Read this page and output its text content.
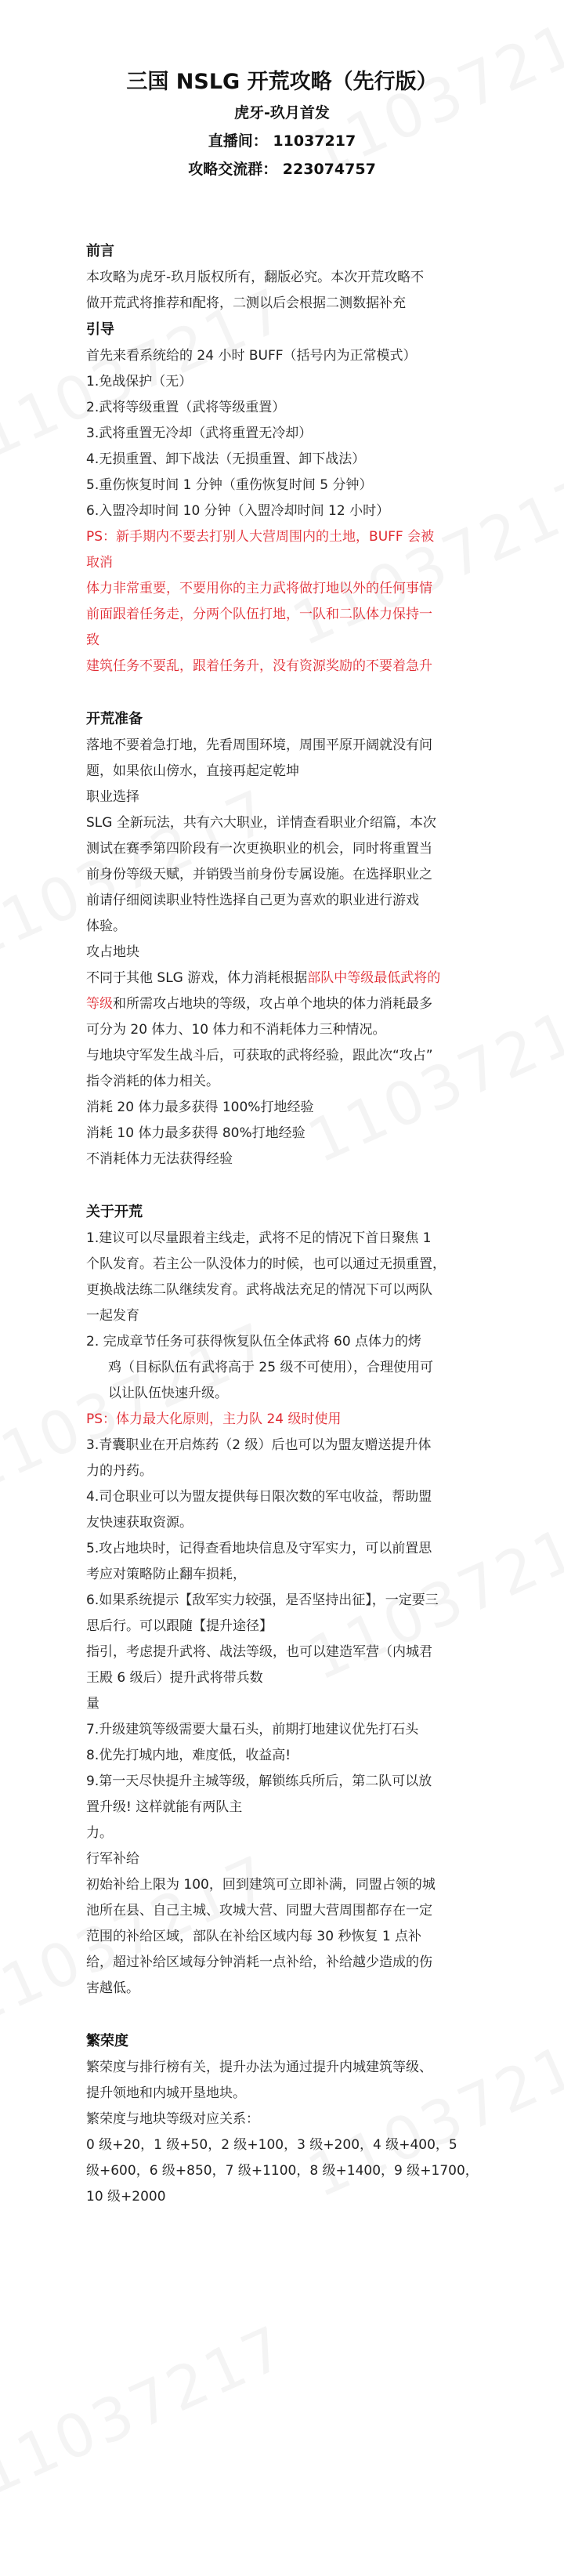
三国 NSLG 开荒攻略（先行版）
虎牙-玖月首发
直播间： 11037217
攻略交流群： 223074757
前言

本攻略为虎牙-玖月版权所有，翻版必究。本次开荒攻略不

做开荒武将推荐和配将，二测以后会根据二测数据补充

引导

首先来看系统给的 24 小时 BUFF（括号内为正常模式）

1.免战保护（无）

2.武将等级重置（武将等级重置）

3.武将重置无冷却（武将重置无冷却）

4.无损重置、卸下战法（无损重置、卸下战法）

5.重伤恢复时间 1 分钟（重伤恢复时间 5 分钟）

6.入盟冷却时间 10 分钟（入盟冷却时间 12 小时）

PS：新手期内不要去打别人大营周围内的土地，BUFF 会被

取消

体力非常重要，不要用你的主力武将做打地以外的任何事情

前面跟着任务走，分两个队伍打地，一队和二队体力保持一

致

建筑任务不要乱，跟着任务升，没有资源奖励的不要着急升

开荒准备

落地不要着急打地，先看周围环境，周围平原开阔就没有问

题，如果依山傍水，直接再起定乾坤

职业选择

SLG 全新玩法，共有六大职业，详情查看职业介绍篇，本次

测试在赛季第四阶段有一次更换职业的机会，同时将重置当

前身份等级天赋，并销毁当前身份专属设施。在选择职业之

前请仔细阅读职业特性选择自己更为喜欢的职业进行游戏

体验。

攻占地块

不同于其他 SLG 游戏，体力消耗根据部队中等级最低武将的

等级和所需攻占地块的等级，攻占单个地块的体力消耗最多

可分为 20 体力、10 体力和不消耗体力三种情况。

与地块守军发生战斗后，可获取的武将经验，跟此次“攻占”

指令消耗的体力相关。

消耗 20 体力最多获得 100%打地经验

消耗 10 体力最多获得 80%打地经验

不消耗体力无法获得经验

关于开荒

1.建议可以尽量跟着主线走，武将不足的情况下首日聚焦 1

个队发育。若主公一队没体力的时候，也可以通过无损重置，

更换战法练二队继续发育。武将战法充足的情况下可以两队

一起发育

2. 完成章节任务可获得恢复队伍全体武将 60 点体力的烤

鸡（目标队伍有武将高于 25 级不可使用），合理使用可

以让队伍快速升级。

PS：体力最大化原则，主力队 24 级时使用

3.青囊职业在开启炼药（2 级）后也可以为盟友赠送提升体

力的丹药。

4.司仓职业可以为盟友提供每日限次数的军屯收益，帮助盟

友快速获取资源。

5.攻占地块时，记得查看地块信息及守军实力，可以前置思

考应对策略防止翻车损耗，

6.如果系统提示【敌军实力较强，是否坚持出征】，一定要三

思后行。可以跟随【提升途径】

指引，考虑提升武将、战法等级，也可以建造军营（内城君

王殿 6 级后）提升武将带兵数

量

7.升级建筑等级需要大量石头，前期打地建议优先打石头

8.优先打城内地，难度低，收益高!

9.第一天尽快提升主城等级，解锁练兵所后，第二队可以放

置升级! 这样就能有两队主

力。

行军补给

初始补给上限为 100，回到建筑可立即补满，同盟占领的城

池所在县、自己主城、攻城大营、同盟大营周围都存在一定

范围的补给区域，部队在补给区域内每 30 秒恢复 1 点补

给，超过补给区域每分钟消耗一点补给，补给越少造成的伤

害越低。

繁荣度

繁荣度与排行榜有关，提升办法为通过提升内城建筑等级、

提升领地和内城开垦地块。

繁荣度与地块等级对应关系：

0 级+20，1 级+50，2 级+100，3 级+200，4 级+400，5

级+600，6 级+850，7 级+1100，8 级+1400，9 级+1700，

10 级+2000
